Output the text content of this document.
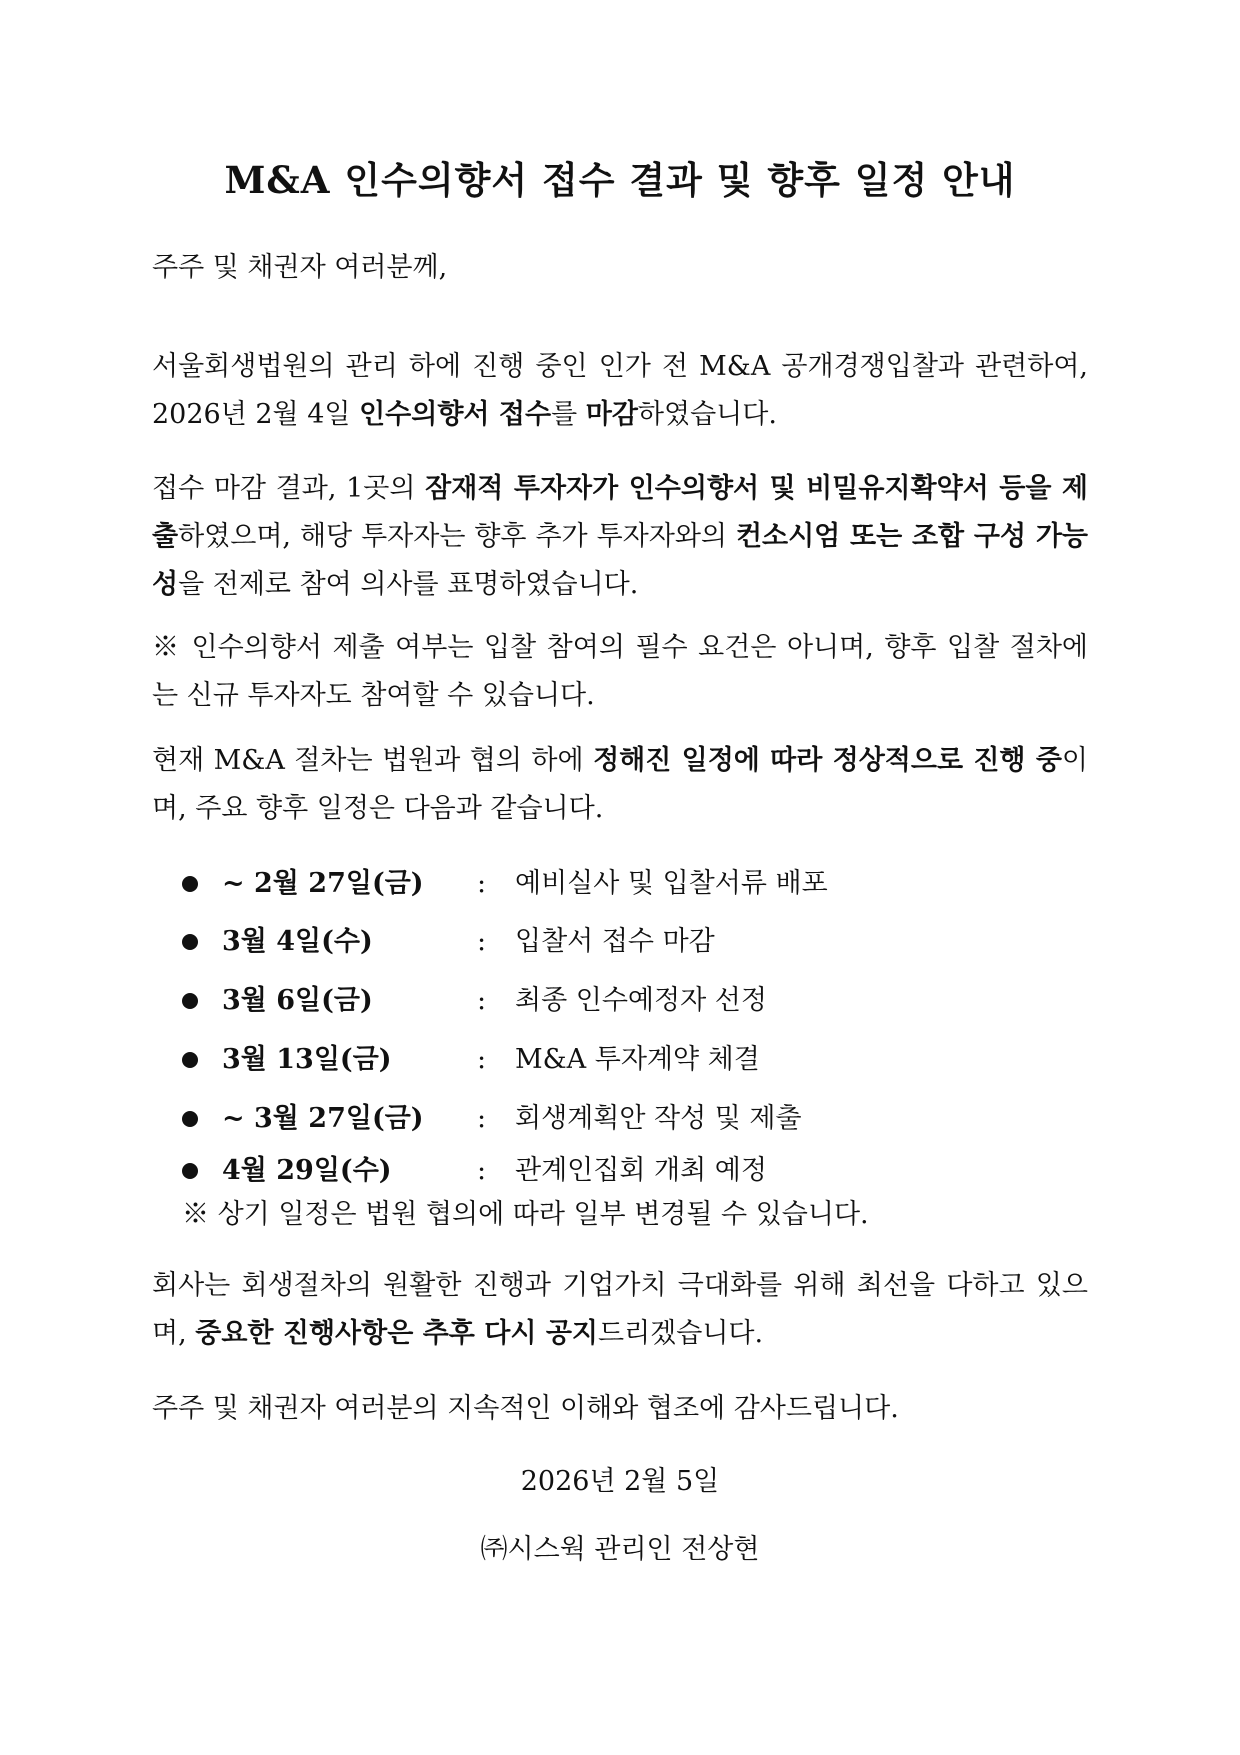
M&A 인수의향서 접수 결과 및 향후 일정 안내

주주 및 채권자 여러분께,

서울회생법원의 관리 하에 진행 중인 인가 전 M&A 공개경쟁입찰과 관련하여, 2026년 2월 4일 인수의향서 접수를 마감하였습니다.

접수 마감 결과, 1곳의 잠재적 투자자가 인수의향서 및 비밀유지확약서 등을 제출하였으며, 해당 투자자는 향후 추가 투자자와의 컨소시엄 또는 조합 구성 가능성을 전제로 참여 의사를 표명하였습니다.

※ 인수의향서 제출 여부는 입찰 참여의 필수 요건은 아니며, 향후 입찰 절차에는 신규 투자자도 참여할 수 있습니다.

현재 M&A 절차는 법원과 협의 하에 정해진 일정에 따라 정상적으로 진행 중이며, 주요 향후 일정은 다음과 같습니다.

~ 2월 27일(금) : 예비실사 및 입찰서류 배포
3월 4일(수)	: 입찰서 접수 마감
3월 6일(금)	: 최종 인수예정자 선정
3월 13일(금)	: M&A 투자계약 체결
~ 3월 27일(금) : 회생계획안 작성 및 제출
4월 29일(수)	: 관계인집회 개최 예정

※ 상기 일정은 법원 협의에 따라 일부 변경될 수 있습니다.

회사는 회생절차의 원활한 진행과 기업가치 극대화를 위해 최선을 다하고 있으며, 중요한 진행사항은 추후 다시 공지드리겠습니다.

주주 및 채권자 여러분의 지속적인 이해와 협조에 감사드립니다.

2026년 2월 5일

㈜시스웍 관리인 전상현
